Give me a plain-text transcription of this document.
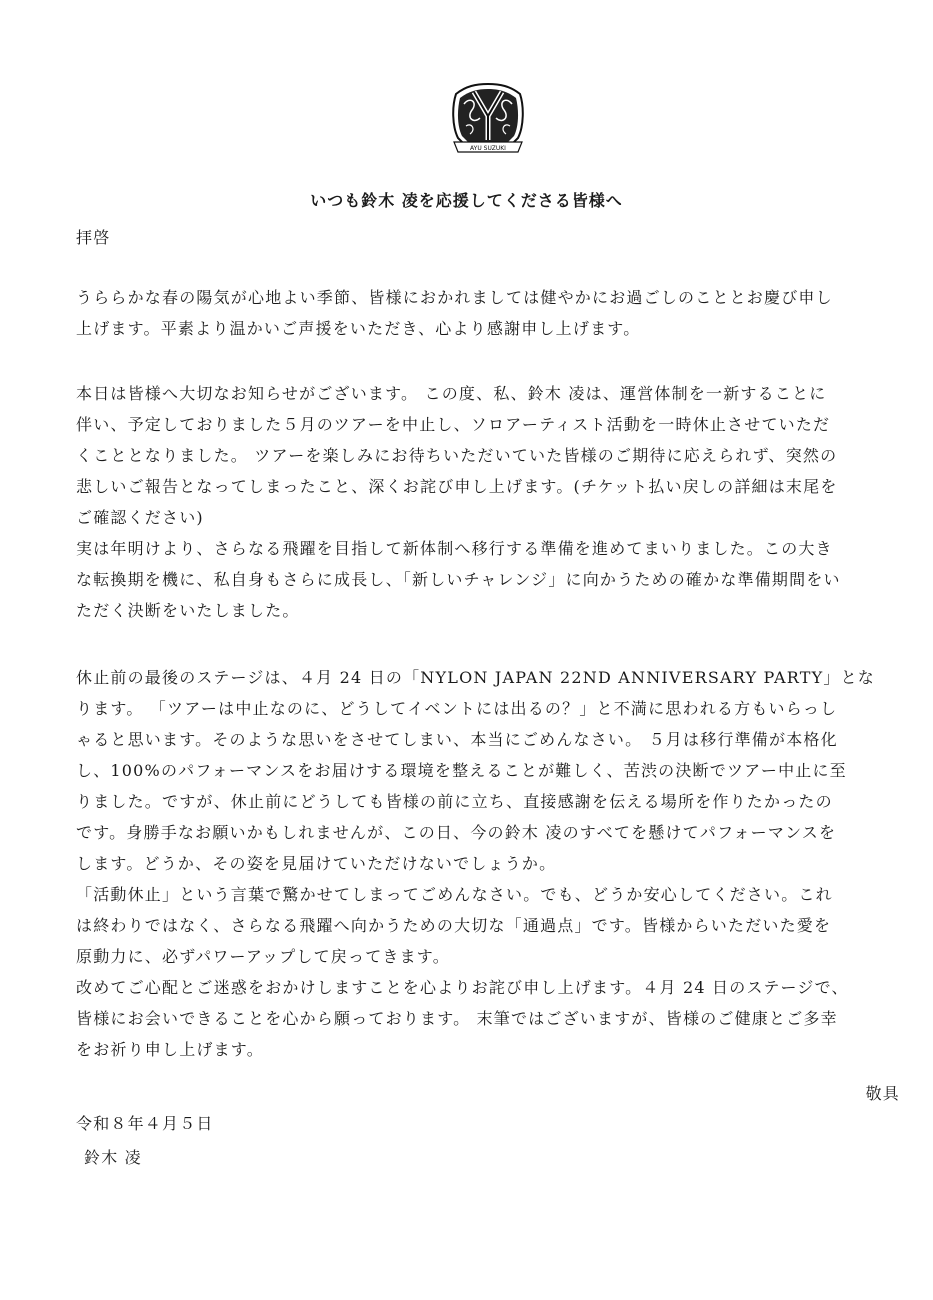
AYU SUZUKI
いつも鈴木 凌を応援してくださる皆様へ
拝啓
うららかな春の陽気が心地よい季節、皆様におかれましては健やかにお過ごしのこととお慶び申し
上げます。平素より温かいご声援をいただき、心より感謝申し上げます。
本日は皆様へ大切なお知らせがございます。 この度、私、鈴木 凌は、運営体制を一新することに
伴い、予定しておりました５月のツアーを中止し、ソロアーティスト活動を一時休止させていただ
くこととなりました。 ツアーを楽しみにお待ちいただいていた皆様のご期待に応えられず、突然の
悲しいご報告となってしまったこと、深くお詫び申し上げます。(チケット払い戻しの詳細は末尾を
ご確認ください)
実は年明けより、さらなる飛躍を目指して新体制へ移行する準備を進めてまいりました。この大き
な転換期を機に、私自身もさらに成長し、「新しいチャレンジ」に向かうための確かな準備期間をい
ただく決断をいたしました。
休止前の最後のステージは、４月 24 日の「NYLON JAPAN 22ND ANNIVERSARY PARTY」とな
ります。 「ツアーは中止なのに、どうしてイベントには出るの？」と不満に思われる方もいらっし
ゃると思います。そのような思いをさせてしまい、本当にごめんなさい。 ５月は移行準備が本格化
し、100%のパフォーマンスをお届けする環境を整えることが難しく、苦渋の決断でツアー中止に至
りました。ですが、休止前にどうしても皆様の前に立ち、直接感謝を伝える場所を作りたかったの
です。身勝手なお願いかもしれませんが、この日、今の鈴木 凌のすべてを懸けてパフォーマンスを
します。どうか、その姿を見届けていただけないでしょうか。
「活動休止」という言葉で驚かせてしまってごめんなさい。でも、どうか安心してください。これ
は終わりではなく、さらなる飛躍へ向かうための大切な「通過点」です。皆様からいただいた愛を
原動力に、必ずパワーアップして戻ってきます。
改めてご心配とご迷惑をおかけしますことを心よりお詫び申し上げます。４月 24 日のステージで、
皆様にお会いできることを心から願っております。 末筆ではございますが、皆様のご健康とご多幸
をお祈り申し上げます。
敬具
令和８年４月５日
鈴木 凌
